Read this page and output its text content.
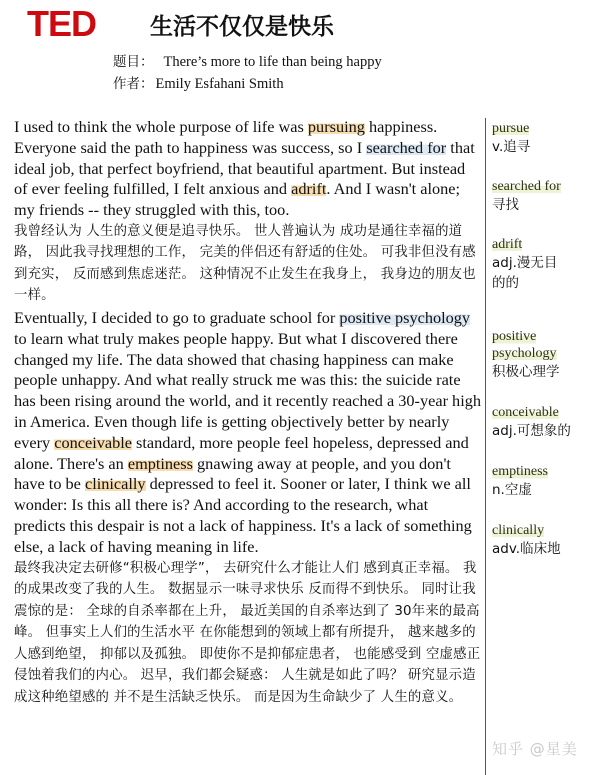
TED 生活不仅仅是快乐
题目： There’s more to life than being happy
作者： Emily Esfahani Smith

I used to think the whole purpose of life was pursuing happiness. Everyone said the path to happiness was success, so I searched for that ideal job, that perfect boyfriend, that beautiful apartment. But instead of ever feeling fulfilled, I felt anxious and adrift. And I wasn't alone; my friends -- they struggled with this, too.

我曾经认为 人生的意义便是追寻快乐。 世人普遍认为 成功是通往幸福的道路， 因此我寻找理想的工作， 完美的伴侣还有舒适的住处。 可我非但没有感到充实， 反而感到焦虑迷茫。 这种情况不止发生在我身上， 我身边的朋友也一样。

Eventually, I decided to go to graduate school for positive psychology to learn what truly makes people happy. But what I discovered there changed my life. The data showed that chasing happiness can make people unhappy. And what really struck me was this: the suicide rate has been rising around the world, and it recently reached a 30-year high in America. Even though life is getting objectively better by nearly every conceivable standard, more people feel hopeless, depressed and alone. There's an emptiness gnawing away at people, and you don't have to be clinically depressed to feel it. Sooner or later, I think we all wonder: Is this all there is? And according to the research, what predicts this despair is not a lack of happiness. It's a lack of something else, a lack of having meaning in life.

最终我决定去研修“积极心理学”， 去研究什么才能让人们 感到真正幸福。 我的成果改变了我的人生。 数据显示一味寻求快乐 反而得不到快乐。 同时让我震惊的是： 全球的自杀率都在上升， 最近美国的自杀率达到了 30年来的最高峰。 但事实上人们的生活水平 在你能想到的领域上都有所提升， 越来越多的人感到绝望， 抑郁以及孤独。 即使你不是抑郁症患者， 也能感受到 空虚感正侵蚀着我们的内心。 迟早，我们都会疑惑： 人生就是如此了吗？ 研究显示造成这种绝望感的 并不是生活缺乏快乐。 而是因为生命缺少了 人生的意义。

pursue
v.追寻
searched for
寻找
adrift
adj.漫无目的的
positive psychology
积极心理学
conceivable
adj.可想象的
emptiness
n.空虚
clinically
adv.临床地
知乎 @星美
